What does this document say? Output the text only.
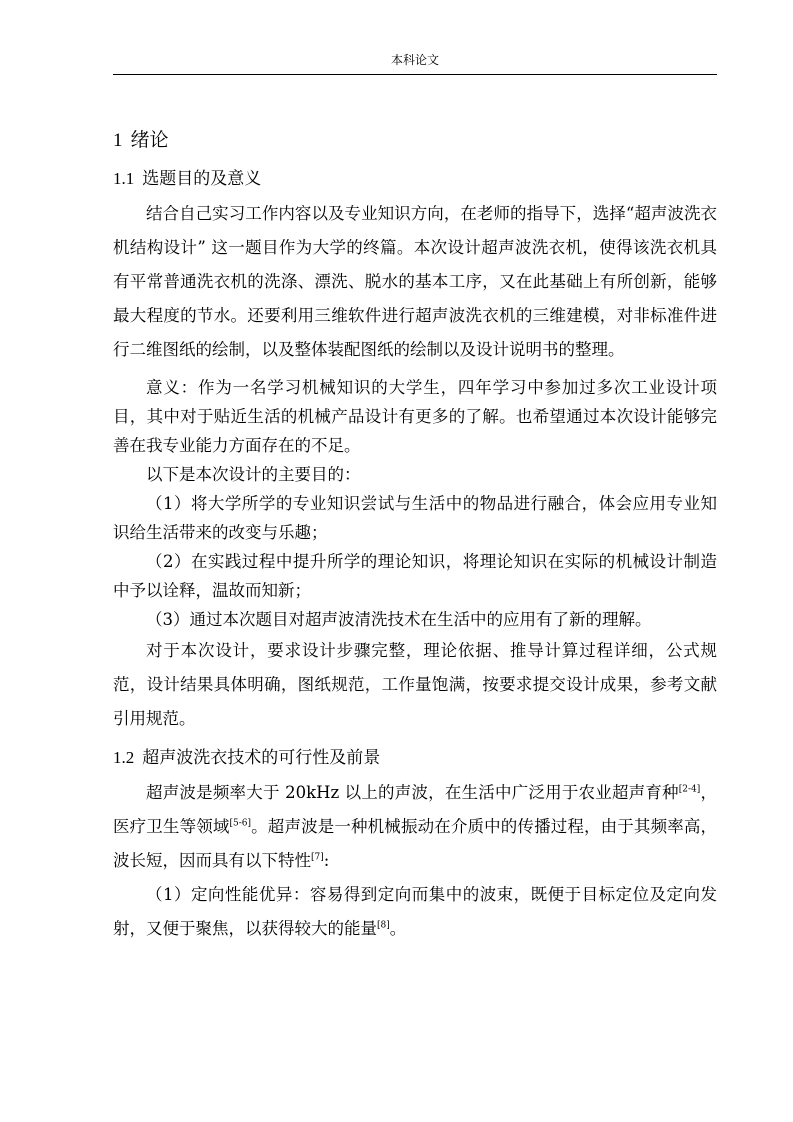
本科论文
1 绪论
1.1 选题目的及意义

结合自己实习工作内容以及专业知识方向，在老师的指导下，选择“超声波洗衣机结构设计” 这一题目作为大学的终篇。本次设计超声波洗衣机，使得该洗衣机具有平常普通洗衣机的洗涤、漂洗、脱水的基本工序，又在此基础上有所创新，能够最大程度的节水。还要利用三维软件进行超声波洗衣机的三维建模，对非标准件进行二维图纸的绘制，以及整体装配图纸的绘制以及设计说明书的整理。

意义：作为一名学习机械知识的大学生，四年学习中参加过多次工业设计项目，其中对于贴近生活的机械产品设计有更多的了解。也希望通过本次设计能够完善在我专业能力方面存在的不足。

以下是本次设计的主要目的：

（1）将大学所学的专业知识尝试与生活中的物品进行融合，体会应用专业知识给生活带来的改变与乐趣；

（2）在实践过程中提升所学的理论知识，将理论知识在实际的机械设计制造中予以诠释，温故而知新；

（3）通过本次题目对超声波清洗技术在生活中的应用有了新的理解。

对于本次设计，要求设计步骤完整，理论依据、推导计算过程详细，公式规范，设计结果具体明确，图纸规范，工作量饱满，按要求提交设计成果，参考文献引用规范。

1.2 超声波洗衣技术的可行性及前景

超声波是频率大于 20kHz 以上的声波，在生活中广泛用于农业超声育种[2-4]，医疗卫生等领域[5-6]。超声波是一种机械振动在介质中的传播过程，由于其频率高，波长短，因而具有以下特性[7]:

（1）定向性能优异：容易得到定向而集中的波束，既便于目标定位及定向发射，又便于聚焦，以获得较大的能量[8]。
